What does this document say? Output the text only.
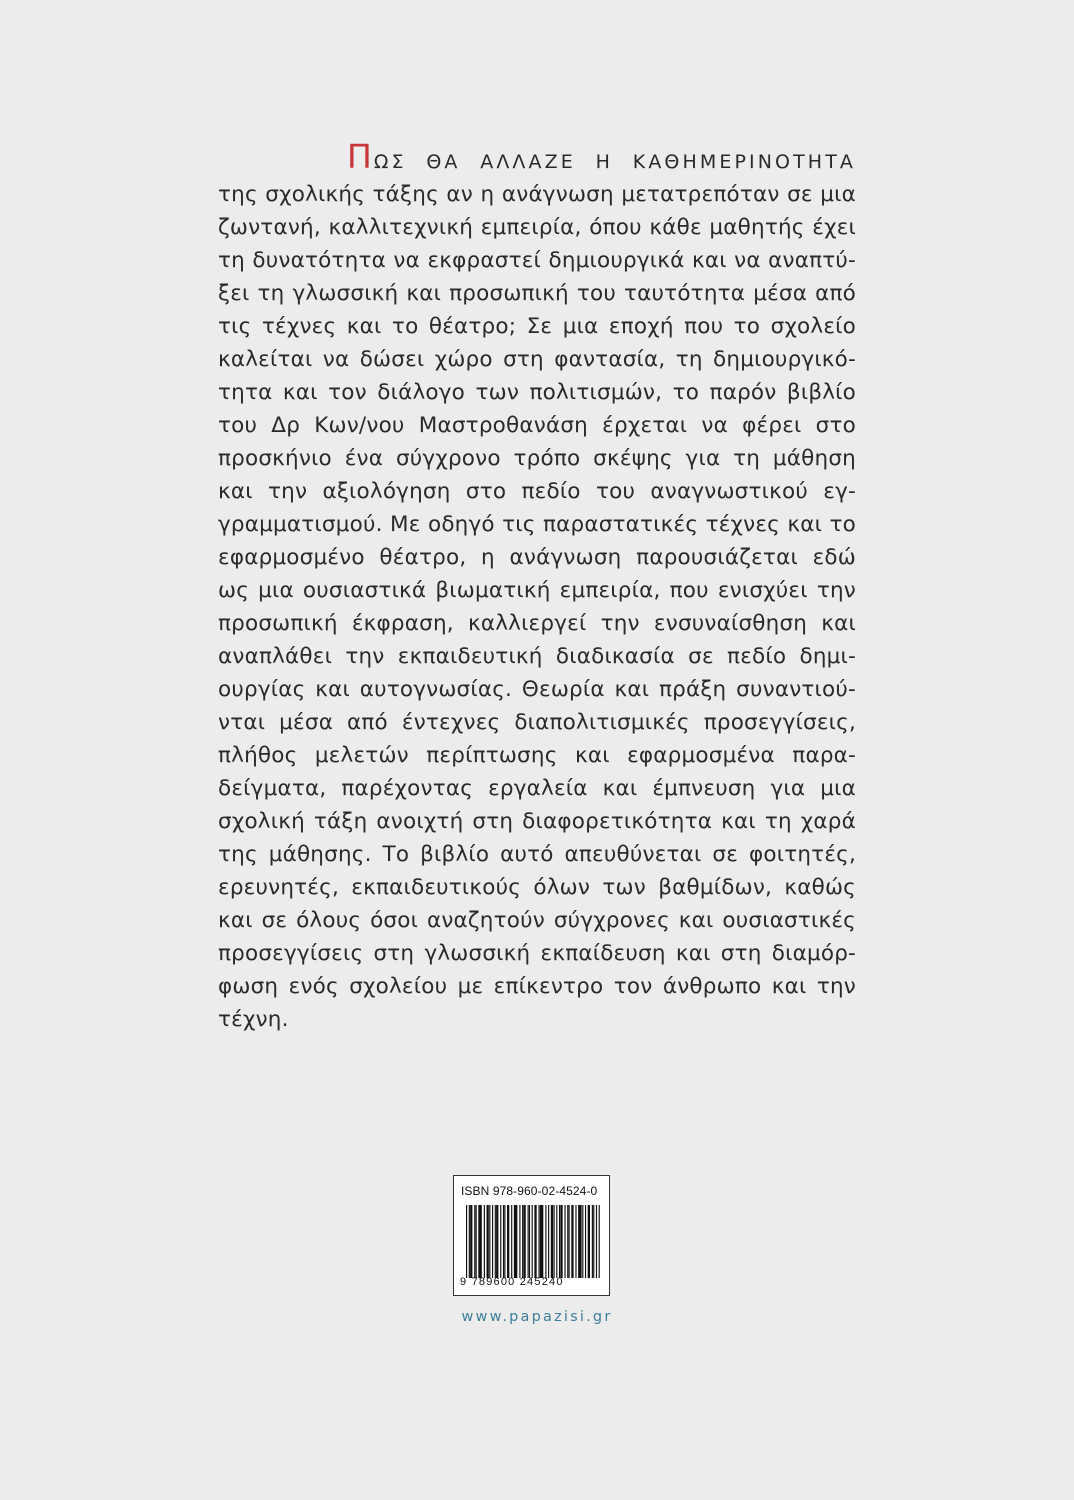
ΠΩΣ ΘΑ ΑΛΛΑΖΕ Η ΚΑΘΗΜΕΡΙΝΟΤΗΤΑ
της σχολικής τάξης αν η ανάγνωση μετατρεπόταν σε μια
ζωντανή, καλλιτεχνική εμπειρία, όπου κάθε μαθητής έχει
τη δυνατότητα να εκφραστεί δημιουργικά και να αναπτύ-
ξει τη γλωσσική και προσωπική του ταυτότητα μέσα από
τις τέχνες και το θέατρο; Σε μια εποχή που το σχολείο
καλείται να δώσει χώρο στη φαντασία, τη δημιουργικό-
τητα και τον διάλογο των πολιτισμών, το παρόν βιβλίο
του Δρ Κων/νου Μαστροθανάση έρχεται να φέρει στο
προσκήνιο ένα σύγχρονο τρόπο σκέψης για τη μάθηση
και την αξιολόγηση στο πεδίο του αναγνωστικού εγ-
γραμματισμού. Με οδηγό τις παραστατικές τέχνες και το
εφαρμοσμένο θέατρο, η ανάγνωση παρουσιάζεται εδώ
ως μια ουσιαστικά βιωματική εμπειρία, που ενισχύει την
προσωπική έκφραση, καλλιεργεί την ενσυναίσθηση και
αναπλάθει την εκπαιδευτική διαδικασία σε πεδίο δημι-
ουργίας και αυτογνωσίας. Θεωρία και πράξη συναντιού-
νται μέσα από έντεχνες διαπολιτισμικές προσεγγίσεις,
πλήθος μελετών περίπτωσης και εφαρμοσμένα παρα-
δείγματα, παρέχοντας εργαλεία και έμπνευση για μια
σχολική τάξη ανοιχτή στη διαφορετικότητα και τη χαρά
της μάθησης. Το βιβλίο αυτό απευθύνεται σε φοιτητές,
ερευνητές, εκπαιδευτικούς όλων των βαθμίδων, καθώς
και σε όλους όσοι αναζητούν σύγχρονες και ουσιαστικές
προσεγγίσεις στη γλωσσική εκπαίδευση και στη διαμόρ-
φωση ενός σχολείου με επίκεντρο τον άνθρωπο και την
τέχνη.
ISBN 978-960-02-4524-0
9 789600 245240
www.papazisi.gr
